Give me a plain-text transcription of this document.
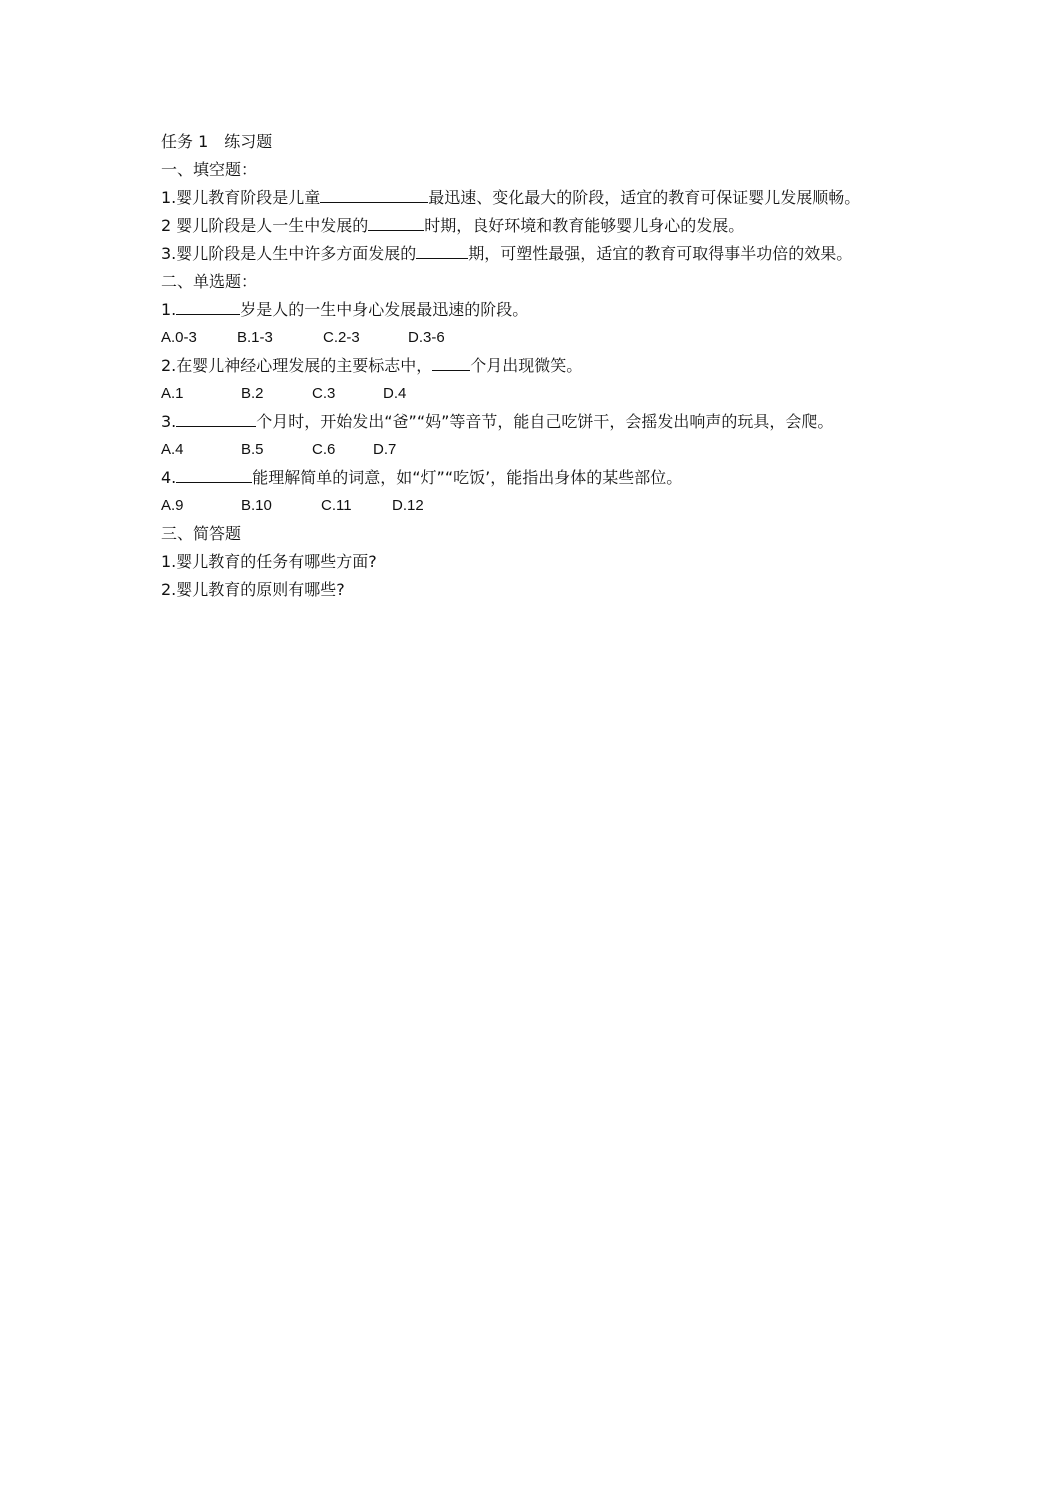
任务 1　练习题
一、填空题：
1.婴儿教育阶段是儿童	最迅速、变化最大的阶段，适宜的教育可保证婴儿发展顺畅。
2 婴儿阶段是人一生中发展的	时期，良好环境和教育能够婴儿身心的发展。
3.婴儿阶段是人生中许多方面发展的	期，可塑性最强，适宜的教育可取得事半功倍的效果。
二、单选题：
1.	岁是人的一生中身心发展最迅速的阶段。
A.0-3	B.1-3	C.2-3	D.3-6
2.在婴儿神经心理发展的主要标志中， 个月出现微笑。
A.1	B.2	C.3	D.4
3.	个月时，开始发出“爸”“妈”等音节，能自己吃饼干，会摇发出响声的玩具，会爬。
A.4	B.5	C.6	D.7
4.	能理解简单的词意，如“灯”“吃饭’，能指出身体的某些部位。
A.9	B.10	C.11	D.12
三、简答题
1.婴儿教育的任务有哪些方面?
2.婴儿教育的原则有哪些?
